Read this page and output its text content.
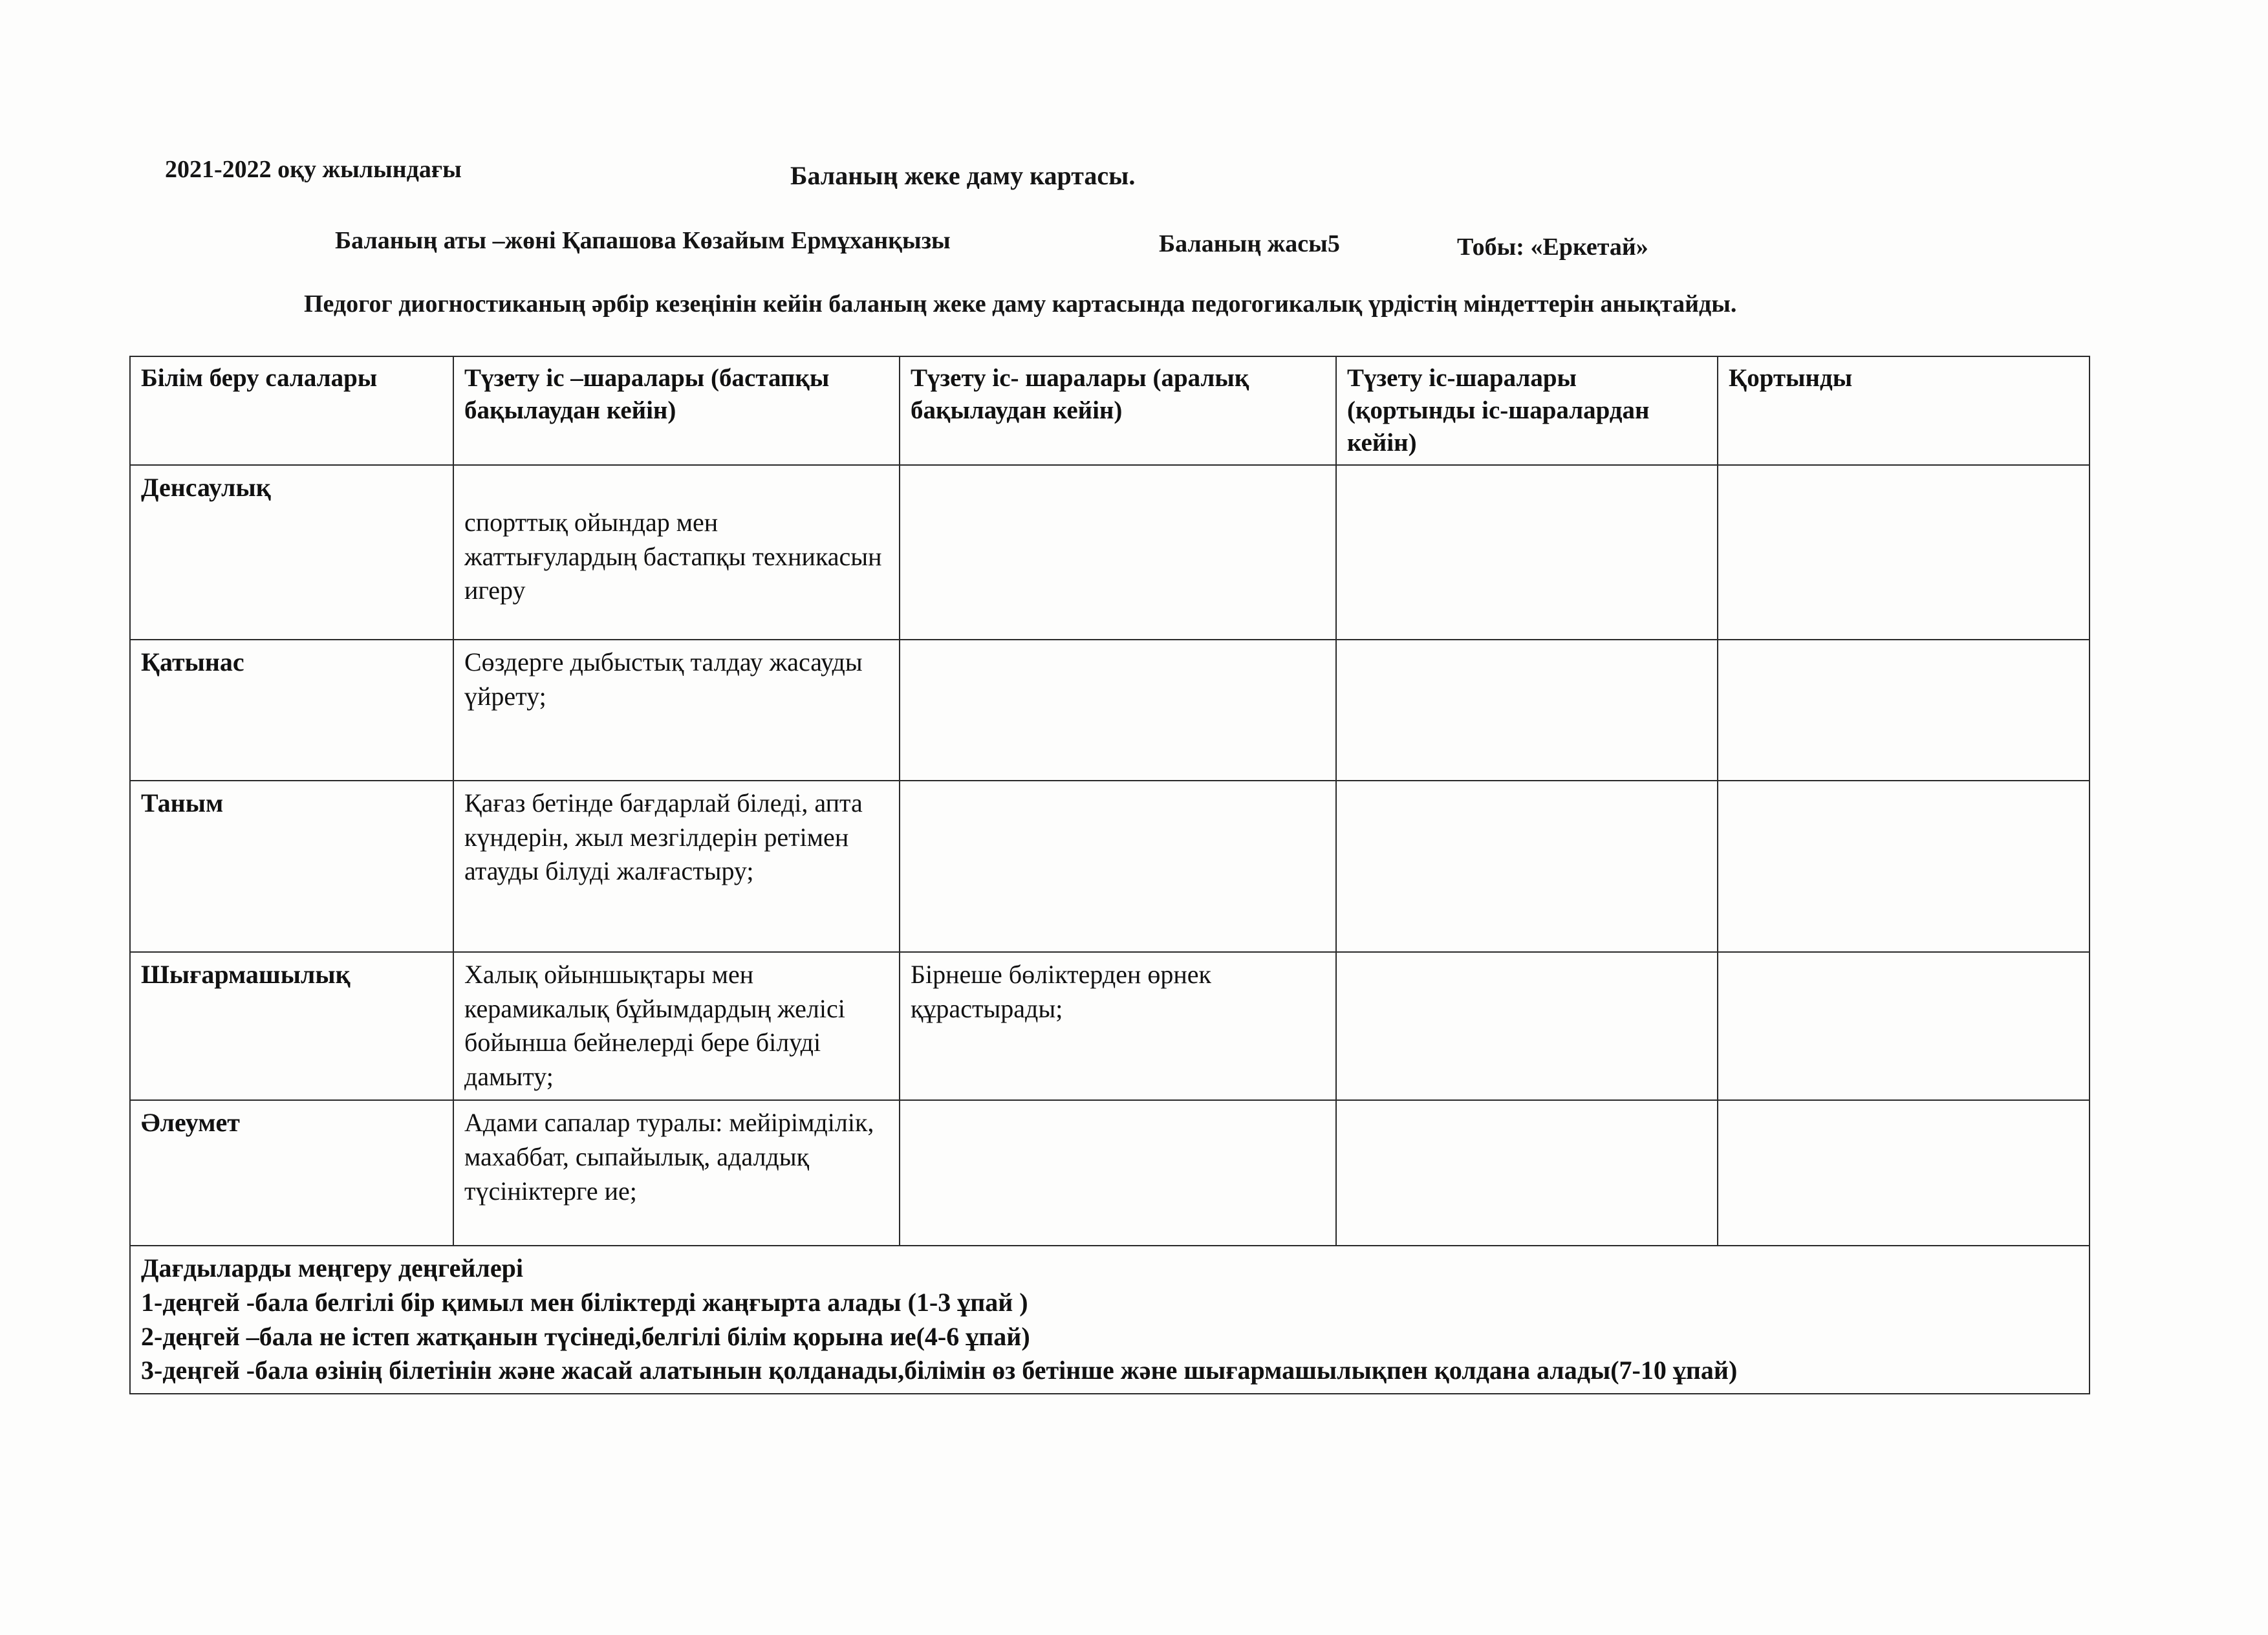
2021-2022 оқу жылындағы	Баланың жеке даму картасы.
Баланың аты –жөні Қапашова Көзайым Ермұханқызы	Баланың жасы5	Тобы: «Еркетай»
Педогог диогностиканың әрбір кезеңінін кейін баланың жеке даму картасында педогогикалық үрдістің міндеттерін анықтайды.
Білім беру салалары	Түзету іс –шаралары (бастапқы бақылаудан кейін)	Түзету іс- шаралары (аралық бақылаудан кейін)	Түзету іс-шаралары (қортынды іс-шаралардан кейін)	Қортынды
Денсаулық	спорттық ойындар мен жаттығулардың бастапқы техникасын игеру			
Қатынас	Сөздерге дыбыстық талдау жасауды үйрету;			
Таным	Қағаз бетінде бағдарлай біледі, апта күндерін, жыл мезгілдерін ретімен атауды білуді жалғастыру;			
Шығармашылық	Халық ойыншықтары мен керамикалық бұйымдардың желісі бойынша бейнелерді бере білуді дамыту;	Бірнеше бөліктерден өрнек құрастырады;		
Әлеумет	Адами сапалар туралы: мейірімділік, махаббат, сыпайылық, адалдық түсініктерге ие;			

Дағдыларды меңгеру деңгейлері
1-деңгей -бала белгілі бір қимыл мен біліктерді жаңғырта алады (1-3 ұпай )
2-деңгей –бала не істеп жатқанын түсінеді,белгілі білім қорына ие(4-6 ұпай)
3-деңгей -бала өзінің білетінін және жасай алатынын қолданады,білімін өз бетінше және шығармашылықпен қолдана алады(7-10 ұпай)				
